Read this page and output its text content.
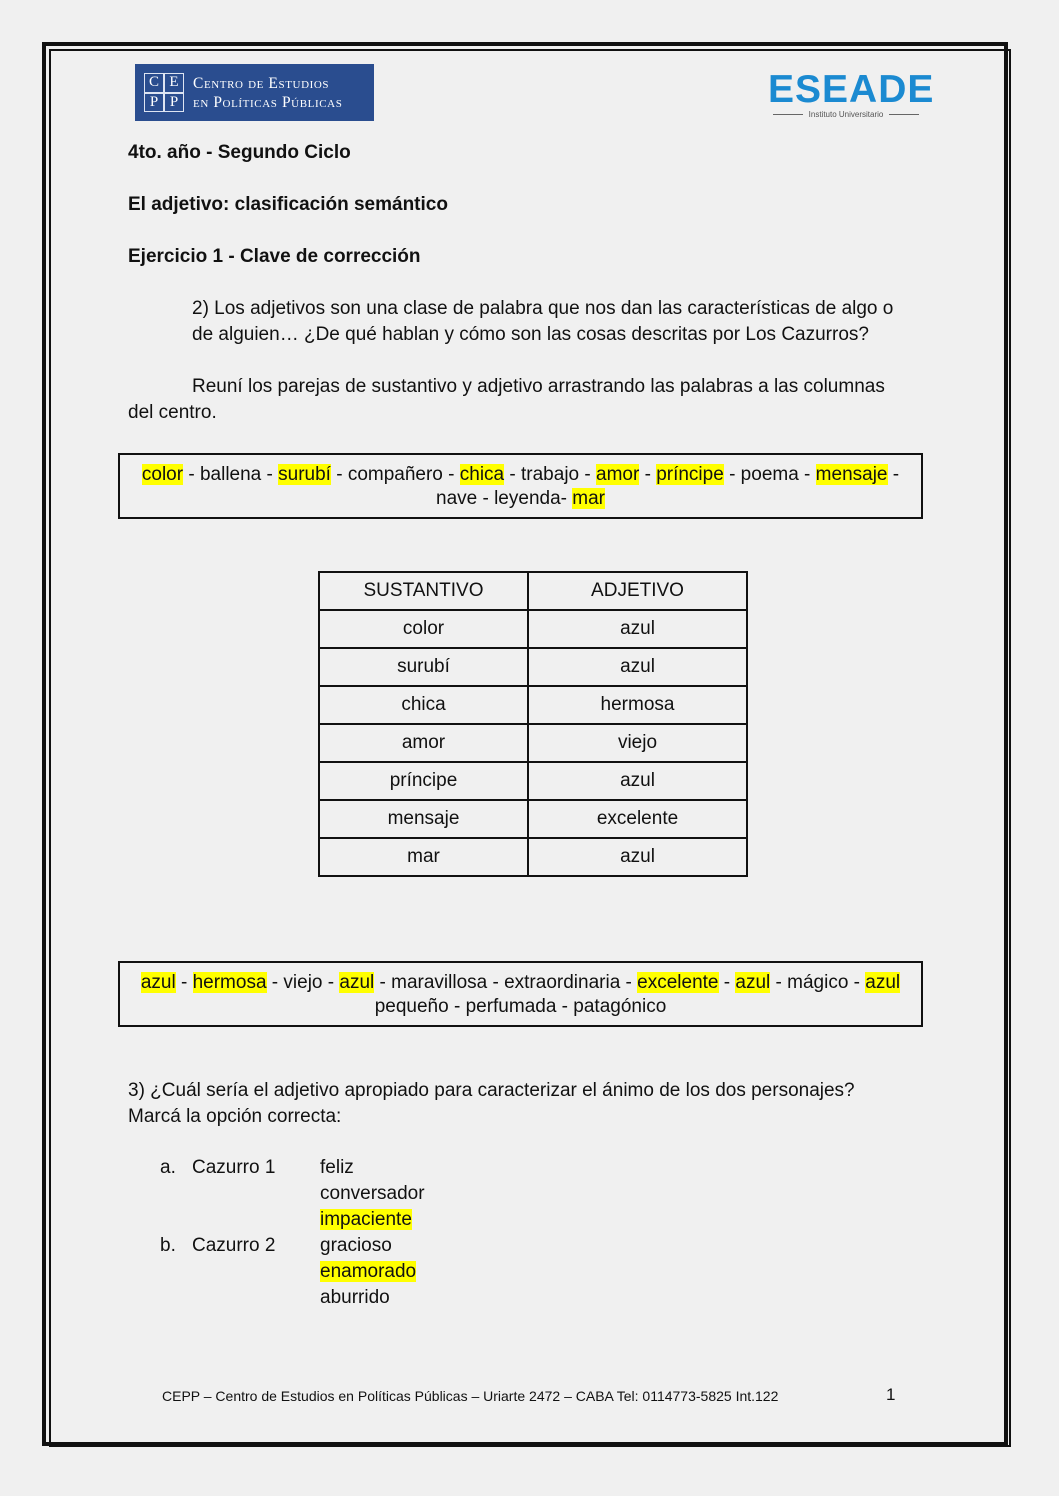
C E
P P
Centro de Estudios
en Políticas Públicas	ESEADE
Instituto Universitario
4to. año - Segundo Ciclo
El adjetivo: clasificación semántico
Ejercicio 1 - Clave de corrección
2) Los adjetivos son una clase de palabra que nos dan las características de algo o
de alguien… ¿De qué hablan y cómo son las cosas descritas por Los Cazurros?
Reuní los parejas de sustantivo y adjetivo arrastrando las palabras a las columnas
del centro.
color - ballena - surubí - compañero - chica - trabajo - amor - príncipe - poema - mensaje -
nave - leyenda- mar
SUSTANTIVO	ADJETIVO
color	azul
surubí	azul
chica	hermosa
amor	viejo
príncipe	azul
mensaje	excelente
mar	azul
azul - hermosa - viejo - azul - maravillosa - extraordinaria - excelente - azul - mágico - azul
pequeño - perfumada - patagónico
3) ¿Cuál sería el adjetivo apropiado para caracterizar el ánimo de los dos personajes?
Marcá la opción correcta:
a. Cazurro 1 feliz
conversador
impaciente
b. Cazurro 2 gracioso
enamorado
aburrido
CEPP – Centro de Estudios en Políticas Públicas – Uriarte 2472 – CABA Tel: 0114773-5825 Int.122	1
